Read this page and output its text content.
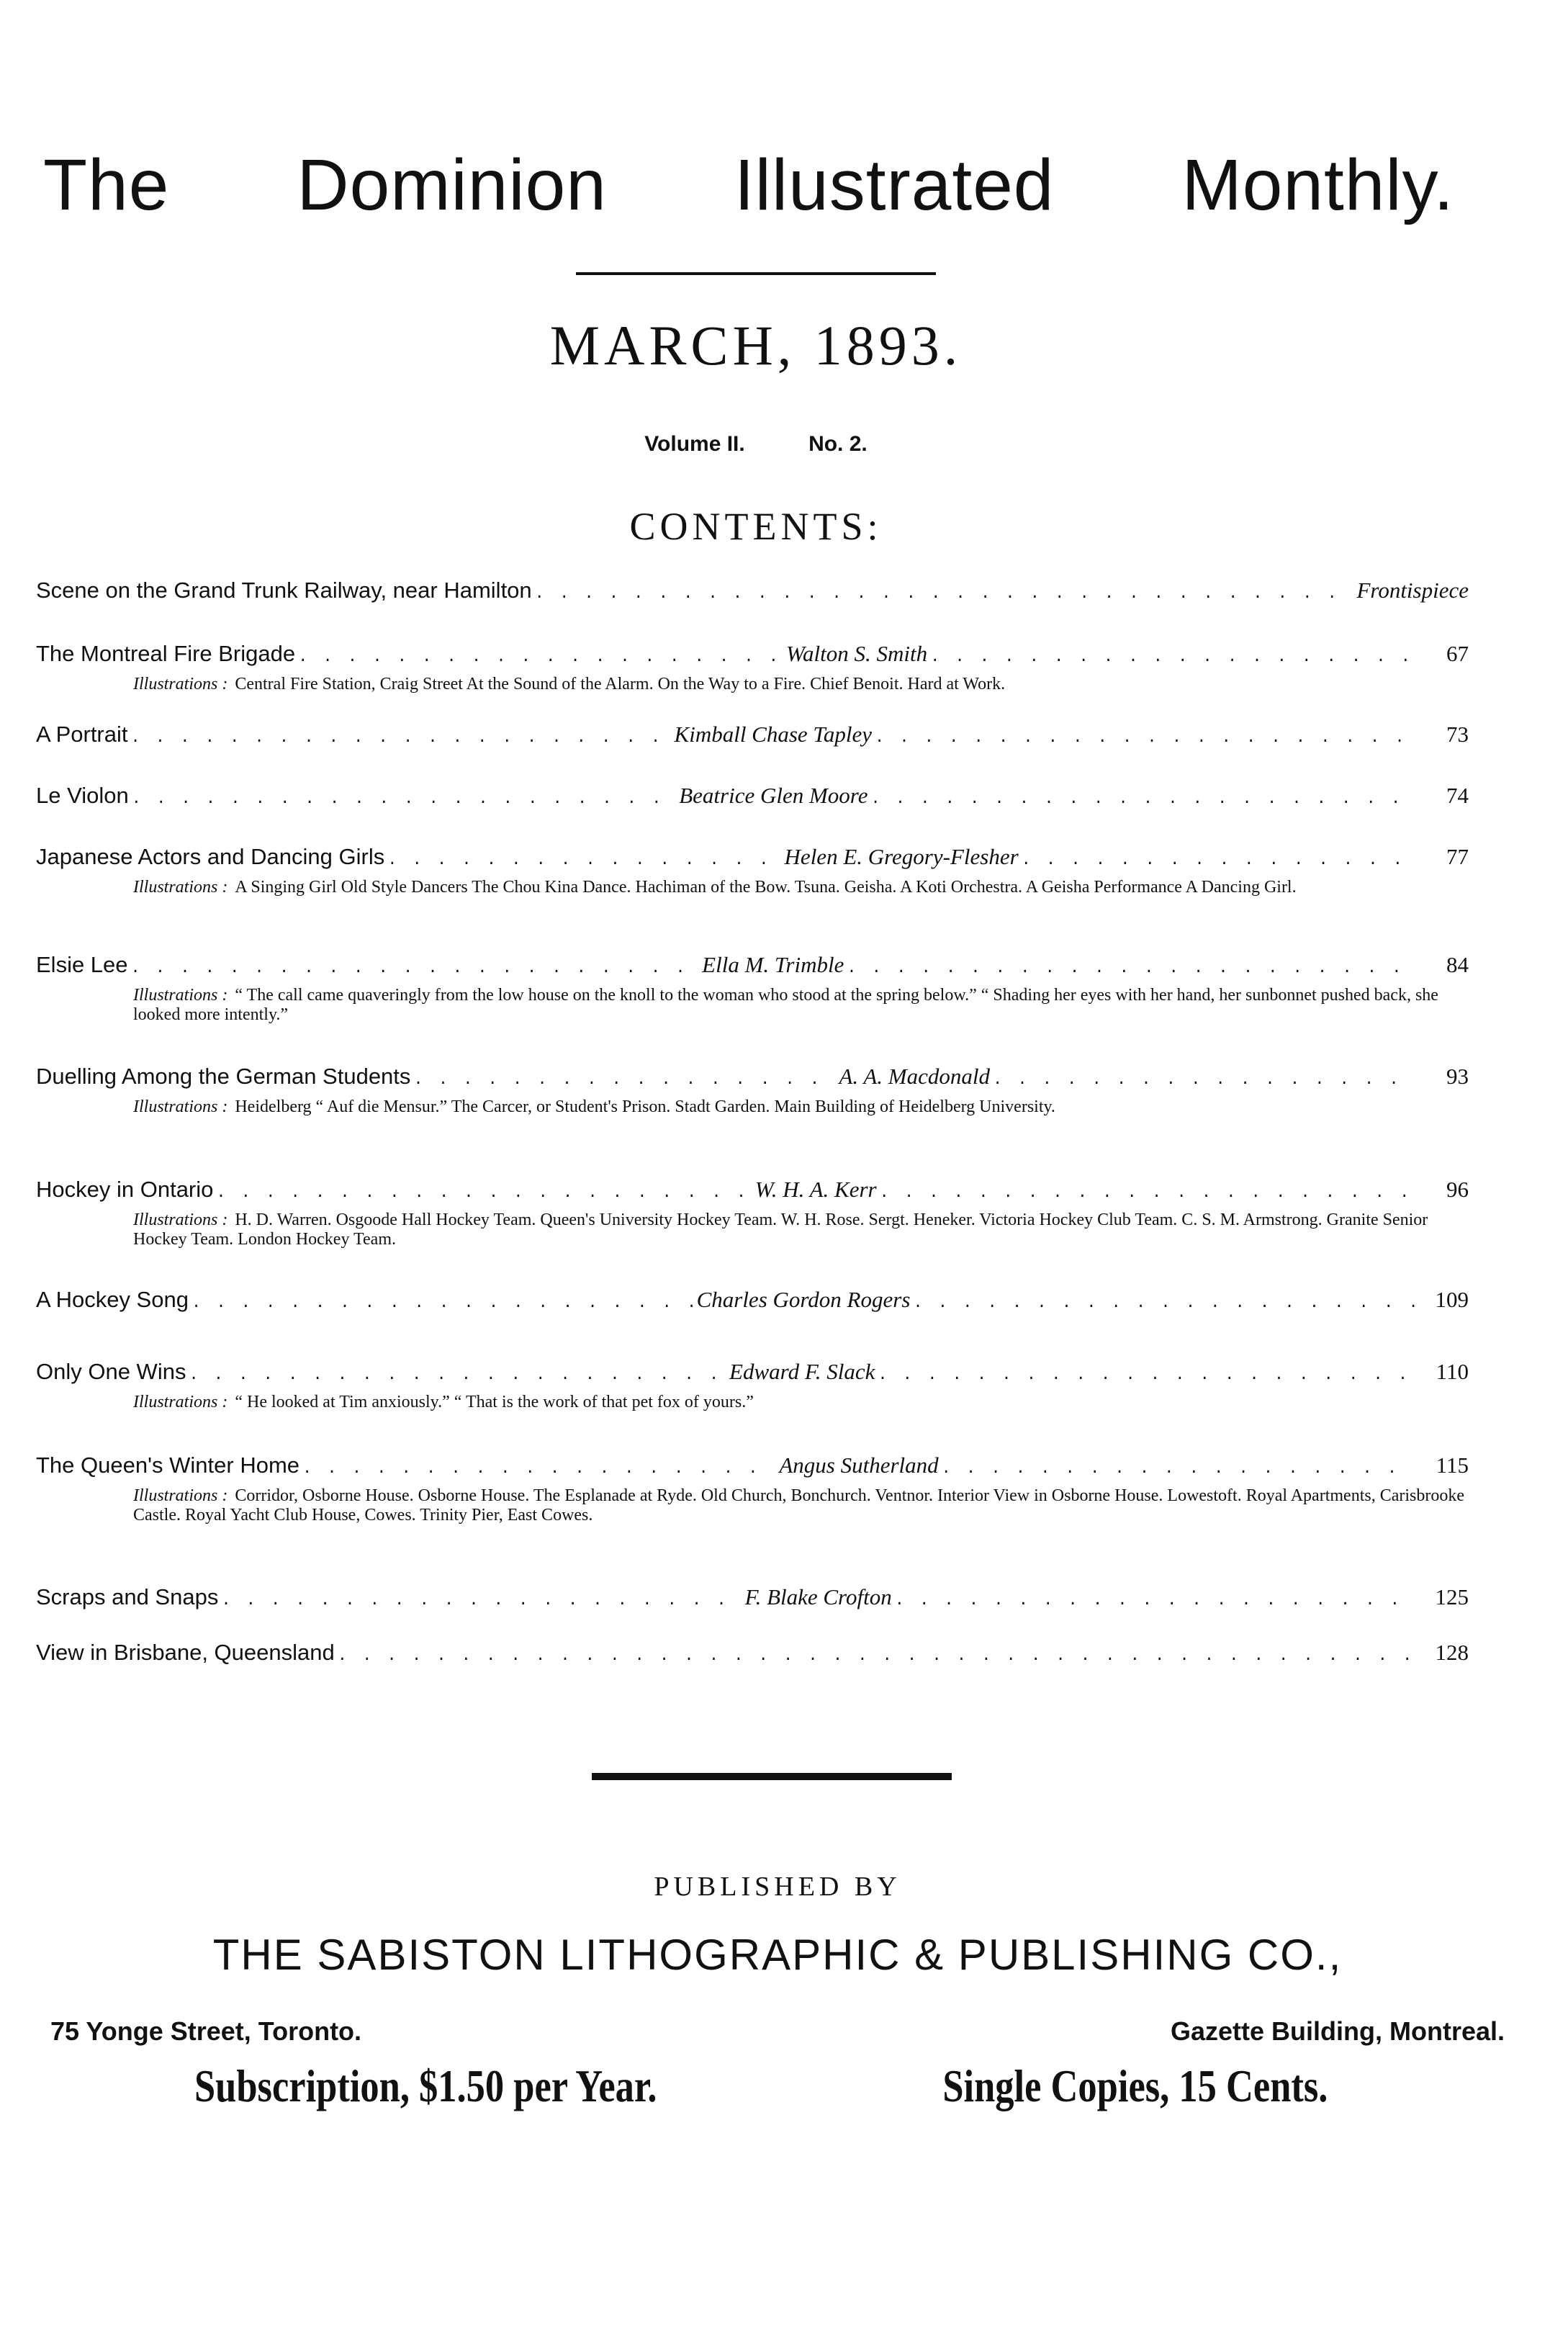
The Dominion Illustrated Monthly.
MARCH, 1893.
Volume II.	No. 2.
CONTENTS:
Scene on the Grand Trunk Railway, near Hamilton . . .	Frontispiece
The Montreal Fire Brigade . . .	Walton S. Smith . . .	67
Illustrations : Central Fire Station, Craig Street At the Sound of the Alarm. On the Way to a Fire. Chief Benoit. Hard at Work.
A Portrait . . .	Kimball Chase Tapley . . .	73
Le Violon . . .	Beatrice Glen Moore . . .	74
Japanese Actors and Dancing Girls . . .	Helen E. Gregory-Flesher . . .	77
Illustrations : A Singing Girl Old Style Dancers The Chou Kina Dance. Hachiman of the Bow. Tsuna. Geisha. A Koti Orchestra. A Geisha Performance A Dancing Girl.
Elsie Lee . . .	Ella M. Trimble . . .	84
Illustrations : “ The call came quaveringly from the low house on the knoll to the woman who stood at the spring below.” “ Shading her eyes with her hand, her sunbonnet pushed back, she looked more intently.”
Duelling Among the German Students . . .	A. A. Macdonald . . .	93
Illustrations : Heidelberg “ Auf die Mensur.” The Carcer, or Student's Prison. Stadt Garden. Main Building of Heidelberg University.
Hockey in Ontario . . .	W. H. A. Kerr . . .	96
Illustrations : H. D. Warren. Osgoode Hall Hockey Team. Queen's University Hockey Team. W. H. Rose. Sergt. Heneker. Victoria Hockey Club Team. C. S. M. Armstrong. Granite Senior Hockey Team. London Hockey Team.
A Hockey Song . . .	Charles Gordon Rogers . . .	109
Only One Wins . . .	Edward F. Slack . . .	110
Illustrations : “ He looked at Tim anxiously.” “ That is the work of that pet fox of yours.”
The Queen's Winter Home . . .	Angus Sutherland . . .	115
Illustrations : Corridor, Osborne House. Osborne House. The Esplanade at Ryde. Old Church, Bonchurch. Ventnor. Interior View in Osborne House. Lowestoft. Royal Apartments, Carisbrooke Castle. Royal Yacht Club House, Cowes. Trinity Pier, East Cowes.
Scraps and Snaps . . .	F. Blake Crofton . . .	125
View in Brisbane, Queensland . . .	128
PUBLISHED BY
THE SABISTON LITHOGRAPHIC & PUBLISHING CO.,
75 Yonge Street, Toronto.	Gazette Building, Montreal.
Subscription, $1.50 per Year.	Single Copies, 15 Cents.
